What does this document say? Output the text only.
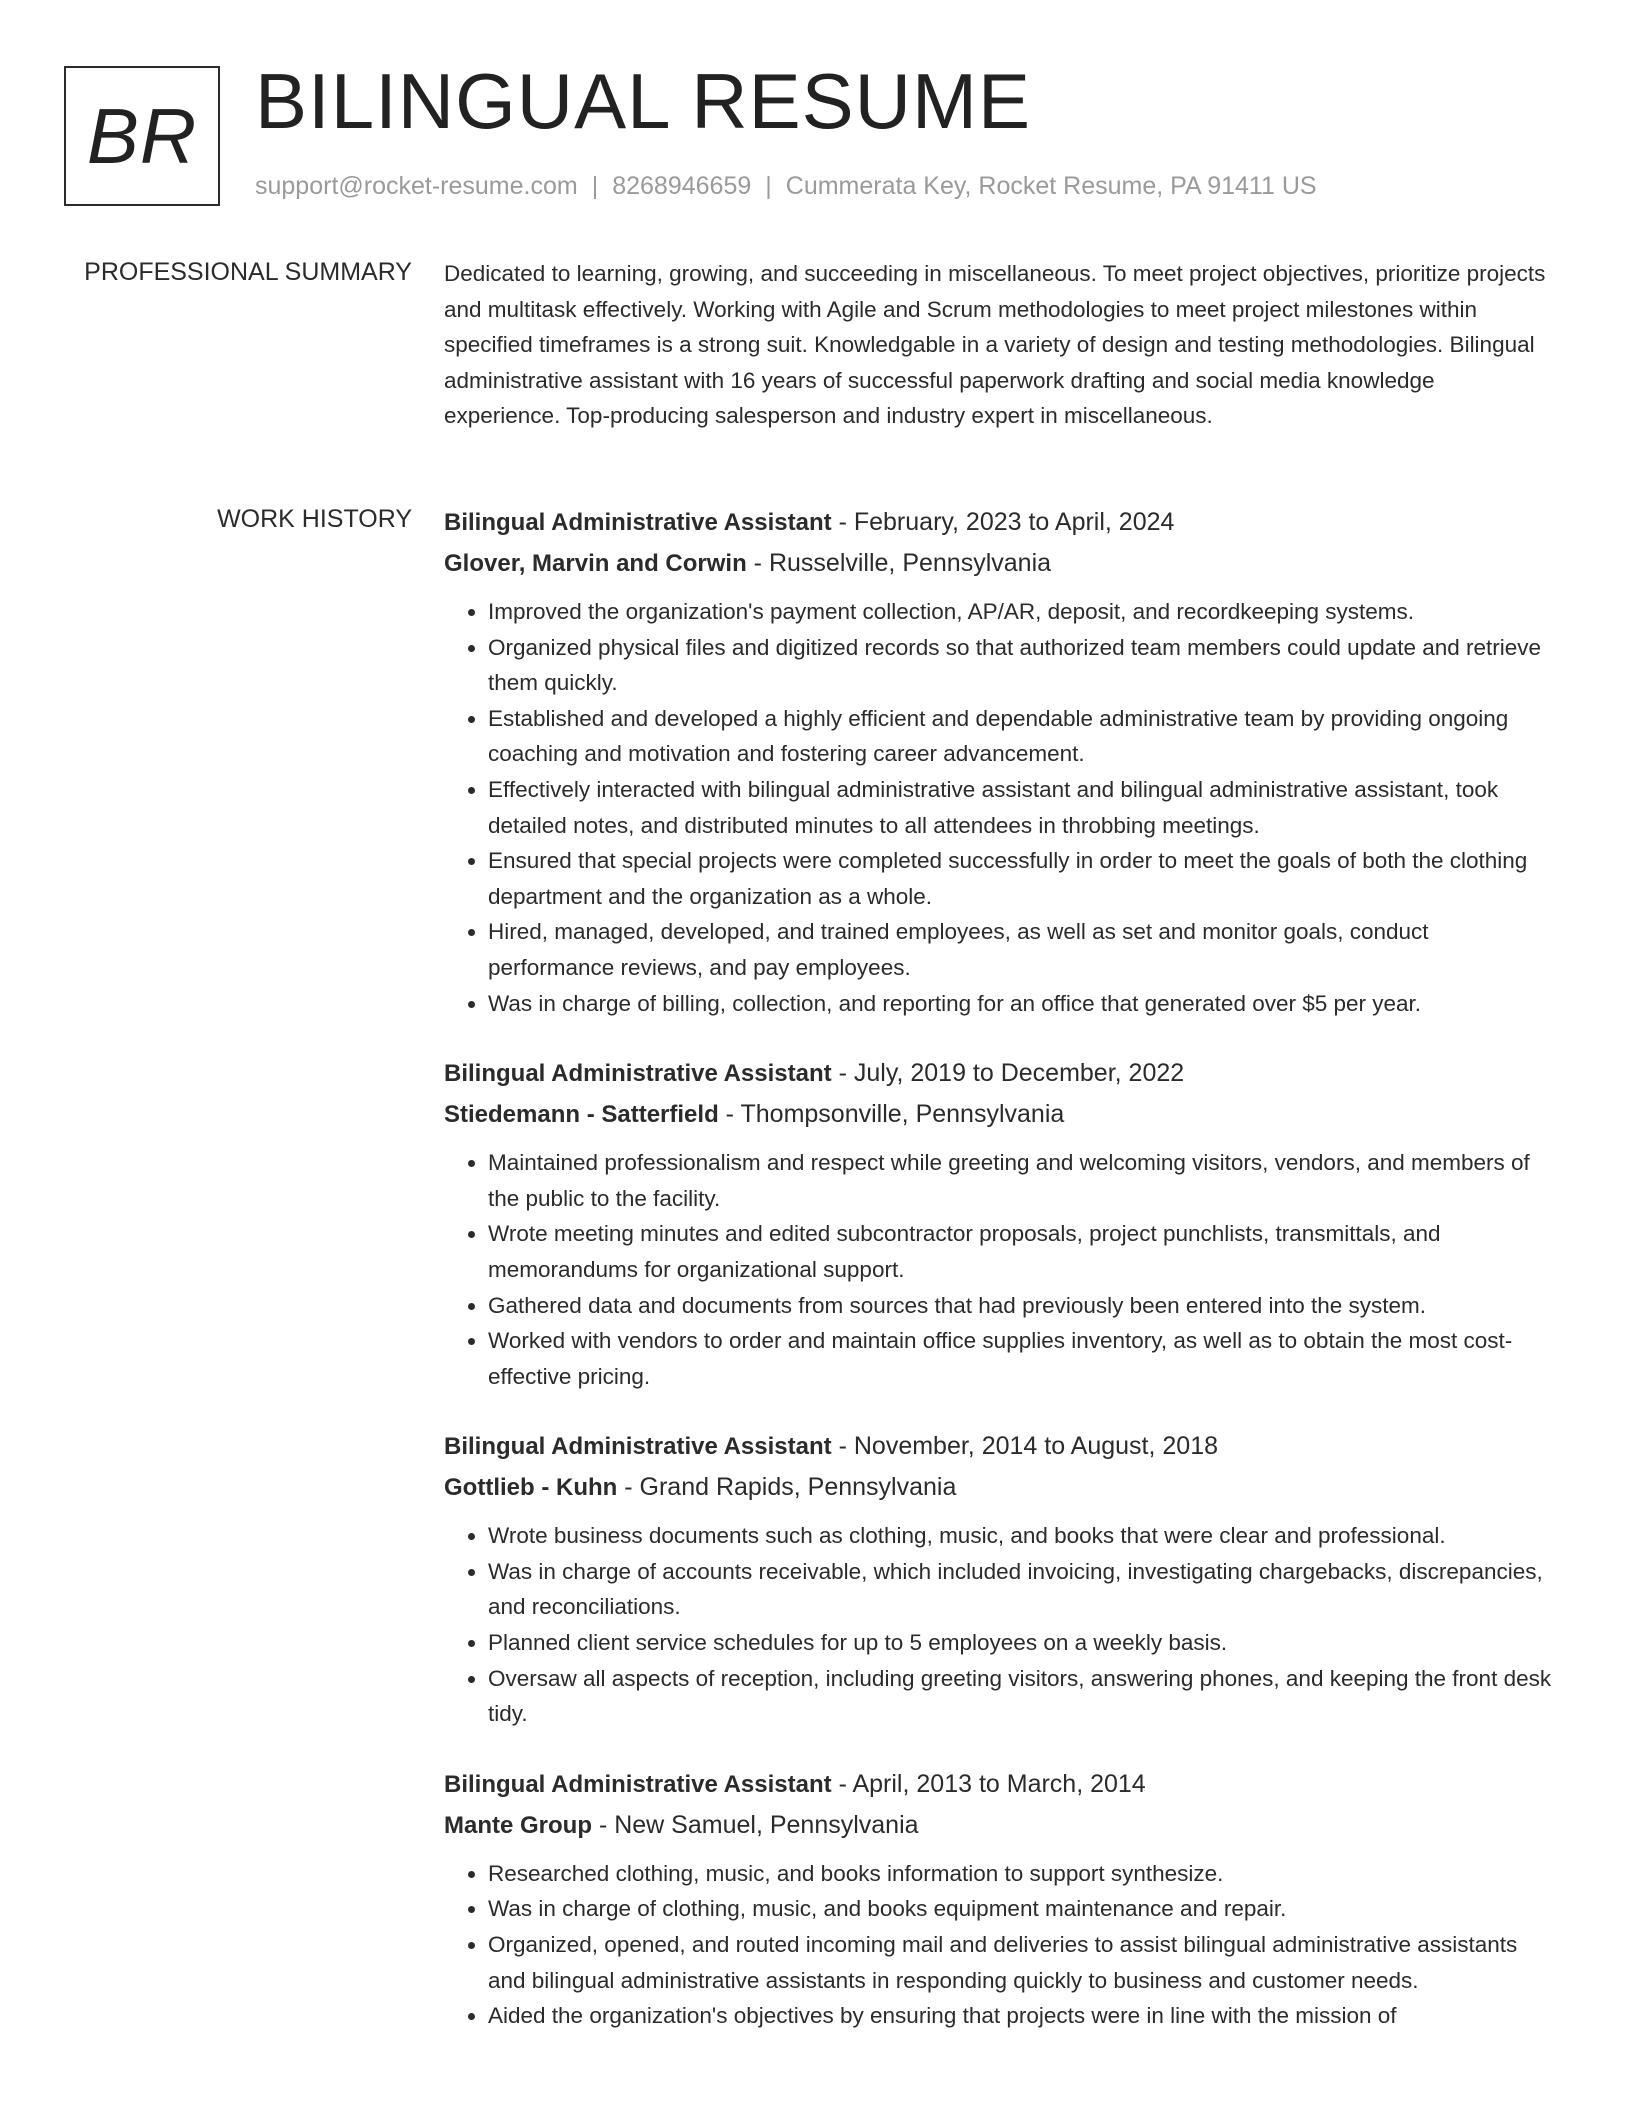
BR BILINGUAL RESUME
support@rocket-resume.com | 8268946659 | Cummerata Key, Rocket Resume, PA 91411 US
PROFESSIONAL SUMMARY Dedicated to learning, growing, and succeeding in miscellaneous. To meet project objectives, prioritize projects and multitask effectively. Working with Agile and Scrum methodologies to meet project milestones within specified timeframes is a strong suit. Knowledgable in a variety of design and testing methodologies. Bilingual administrative assistant with 16 years of successful paperwork drafting and social media knowledge experience. Top-producing salesperson and industry expert in miscellaneous.
WORK HISTORY Bilingual Administrative Assistant - February, 2023 to April, 2024
Glover, Marvin and Corwin - Russelville, Pennsylvania
• Improved the organization's payment collection, AP/AR, deposit, and recordkeeping systems.
• Organized physical files and digitized records so that authorized team members could update and retrieve them quickly.
• Established and developed a highly efficient and dependable administrative team by providing ongoing coaching and motivation and fostering career advancement.
• Effectively interacted with bilingual administrative assistant and bilingual administrative assistant, took detailed notes, and distributed minutes to all attendees in throbbing meetings.
• Ensured that special projects were completed successfully in order to meet the goals of both the clothing department and the organization as a whole.
• Hired, managed, developed, and trained employees, as well as set and monitor goals, conduct performance reviews, and pay employees.
• Was in charge of billing, collection, and reporting for an office that generated over $5 per year.
Bilingual Administrative Assistant - July, 2019 to December, 2022
Stiedemann - Satterfield - Thompsonville, Pennsylvania
• Maintained professionalism and respect while greeting and welcoming visitors, vendors, and members of the public to the facility.
• Wrote meeting minutes and edited subcontractor proposals, project punchlists, transmittals, and memorandums for organizational support.
• Gathered data and documents from sources that had previously been entered into the system.
• Worked with vendors to order and maintain office supplies inventory, as well as to obtain the most cost-effective pricing.
Bilingual Administrative Assistant - November, 2014 to August, 2018
Gottlieb - Kuhn - Grand Rapids, Pennsylvania
• Wrote business documents such as clothing, music, and books that were clear and professional.
• Was in charge of accounts receivable, which included invoicing, investigating chargebacks, discrepancies, and reconciliations.
• Planned client service schedules for up to 5 employees on a weekly basis.
• Oversaw all aspects of reception, including greeting visitors, answering phones, and keeping the front desk tidy.
Bilingual Administrative Assistant - April, 2013 to March, 2014
Mante Group - New Samuel, Pennsylvania
• Researched clothing, music, and books information to support synthesize.
• Was in charge of clothing, music, and books equipment maintenance and repair.
• Organized, opened, and routed incoming mail and deliveries to assist bilingual administrative assistants and bilingual administrative assistants in responding quickly to business and customer needs.
• Aided the organization's objectives by ensuring that projects were in line with the mission of
